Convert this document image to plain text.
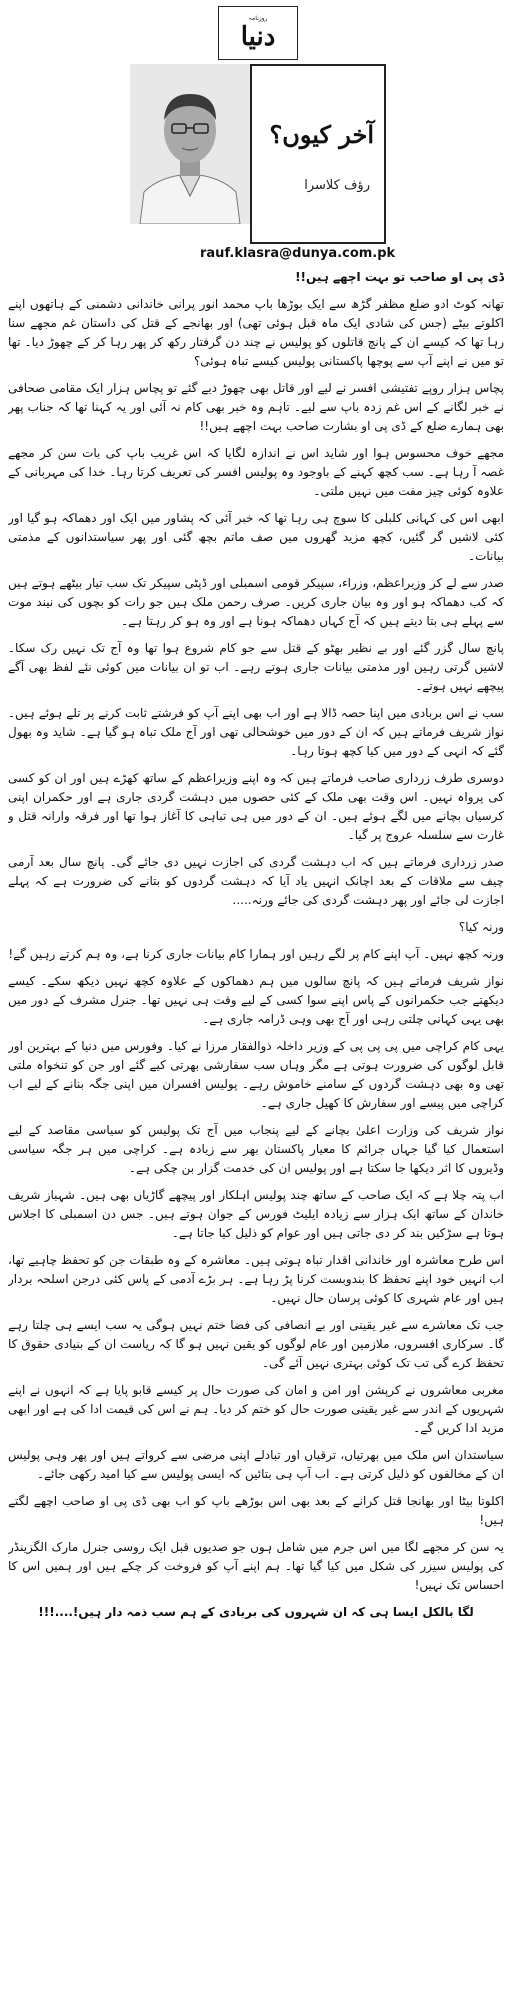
روزنامہ
دنیا
آخر کیوں؟
رؤف کلاسرا
rauf.klasra@dunya.com.pk

ڈی پی او صاحب تو بہت اچھے ہیں!!

تھانہ کوٹ ادو ضلع مظفر گڑھ سے ایک بوڑھا باپ محمد انور پرانی خاندانی دشمنی کے ہاتھوں اپنے اکلوتے بیٹے (جس کی شادی ایک ماہ قبل ہوئی تھی) اور بھانجے کے قتل کی داستان غم مجھے سنا رہا تھا کہ کیسے ان کے پانچ قاتلوں کو پولیس نے چند دن گرفتار رکھ کر پھر رہا کر کے چھوڑ دیا۔ تھا تو میں نے اپنے آپ سے پوچھا پاکستانی پولیس کیسے تباہ ہوئی؟

پچاس ہزار روپے تفتیشی افسر نے لیے اور قاتل بھی چھوڑ دیے گئے تو پچاس ہزار ایک مقامی صحافی نے خبر لگانے کے اس غم زدہ باپ سے لیے۔ تاہم وہ خبر بھی کام نہ آئی اور یہ کہنا تھا کہ جناب پھر بھی ہمارے ضلع کے ڈی پی او بشارت صاحب بہت اچھے ہیں!!

مجھے خوف محسوس ہوا اور شاید اس نے اندازہ لگایا کہ اس غریب باپ کی بات سن کر مجھے غصہ آ رہا ہے۔ سب کچھ کہنے کے باوجود وہ پولیس افسر کی تعریف کرتا رہا۔ خدا کی مہربانی کے علاوہ کوئی چیز مفت میں نہیں ملتی۔

ابھی اس کی کہانی کلبلی کا سوچ ہی رہا تھا کہ خبر آئی کہ پشاور میں ایک اور دھماکہ ہو گیا اور کئی لاشیں گر گئیں، کچھ مزید گھروں میں صف ماتم بچھ گئی اور پھر سیاستدانوں کے مذمتی بیانات۔

صدر سے لے کر وزیراعظم، وزراء، سپیکر قومی اسمبلی اور ڈپٹی سپیکر تک سب تیار بیٹھے ہوتے ہیں کہ کب دھماکہ ہو اور وہ بیان جاری کریں۔ صرف رحمن ملک ہیں جو رات کو بچوں کی نیند موت سے پہلے ہی بتا دیتے ہیں کہ آج کہاں دھماکہ ہونا ہے اور وہ ہو کر رہتا ہے۔

پانچ سال گزر گئے اور بے نظیر بھٹو کے قتل سے جو کام شروع ہوا تھا وہ آج تک نہیں رک سکا۔ لاشیں گرتی رہیں اور مذمتی بیانات جاری ہوتے رہے۔ اب تو ان بیانات میں کوئی نئے لفظ بھی آگے پیچھے نہیں ہوتے۔

سب نے اس بربادی میں اپنا حصہ ڈالا ہے اور اب بھی اپنے آپ کو فرشتے ثابت کرنے پر تلے ہوئے ہیں۔ نواز شریف فرماتے ہیں کہ ان کے دور میں خوشحالی تھی اور آج ملک تباہ ہو گیا ہے۔ شاید وہ بھول گئے کہ انہی کے دور میں کیا کچھ ہوتا رہا۔

دوسری طرف زرداری صاحب فرماتے ہیں کہ وہ اپنے وزیراعظم کے ساتھ کھڑے ہیں اور ان کو کسی کی پرواہ نہیں۔ اس وقت بھی ملک کے کئی حصوں میں دہشت گردی جاری ہے اور حکمران اپنی کرسیاں بچانے میں لگے ہوئے ہیں۔ ان کے دور میں ہی تباہی کا آغاز ہوا تھا اور فرقہ وارانہ قتل و غارت سے سلسلہ عروج پر گیا۔

صدر زرداری فرماتے ہیں کہ اب دہشت گردی کی اجازت نہیں دی جائے گی۔ پانچ سال بعد آرمی چیف سے ملاقات کے بعد اچانک انہیں یاد آیا کہ دہشت گردوں کو بتانے کی ضرورت ہے کہ پہلے اجازت لی جائے اور پھر دہشت گردی کی جائے ورنہ.....

ورنہ کیا؟

ورنہ کچھ نہیں۔ آپ اپنے کام پر لگے رہیں اور ہمارا کام بیانات جاری کرنا ہے، وہ ہم کرتے رہیں گے!

نواز شریف فرماتے ہیں کہ پانچ سالوں میں ہم دھماکوں کے علاوہ کچھ نہیں دیکھ سکے۔ کیسے دیکھتے جب حکمرانوں کے پاس اپنے سوا کسی کے لیے وقت ہی نہیں تھا۔ جنرل مشرف کے دور میں بھی یہی کہانی چلتی رہی اور آج بھی وہی ڈرامہ جاری ہے۔

یہی کام کراچی میں پی پی پی کے وزیر داخلہ ذوالفقار مرزا نے کیا۔ وفورس میں دنیا کے بہترین اور قابل لوگوں کی ضرورت ہوتی ہے مگر وہاں سب سفارشی بھرتی کیے گئے اور جن کو تنخواہ ملتی تھی وہ بھی دہشت گردوں کے سامنے خاموش رہے۔ پولیس افسران میں اپنی جگہ بنانے کے لیے اب کراچی میں پیسے اور سفارش کا کھیل جاری ہے۔

نواز شریف کی وزارت اعلیٰ بچانے کے لیے پنجاب میں آج تک پولیس کو سیاسی مقاصد کے لیے استعمال کیا گیا جہاں جرائم کا معیار پاکستان بھر سے زیادہ ہے۔ کراچی میں ہر جگہ سیاسی وڈیروں کا اثر دیکھا جا سکتا ہے اور پولیس ان کی خدمت گزار بن چکی ہے۔

اب پتہ چلا ہے کہ ایک صاحب کے ساتھ چند پولیس اہلکار اور پیچھے گاڑیاں بھی ہیں۔ شہباز شریف خاندان کے ساتھ ایک ہزار سے زیادہ ایلیٹ فورس کے جوان ہوتے ہیں۔ جس دن اسمبلی کا اجلاس ہوتا ہے سڑکیں بند کر دی جاتی ہیں اور عوام کو ذلیل کیا جاتا ہے۔

اس طرح معاشرہ اور خاندانی اقدار تباہ ہوتی ہیں۔ معاشرہ کے وہ طبقات جن کو تحفظ چاہیے تھا، اب انہیں خود اپنے تحفظ کا بندوبست کرنا پڑ رہا ہے۔ ہر بڑے آدمی کے پاس کئی درجن اسلحہ بردار ہیں اور عام شہری کا کوئی پرسان حال نہیں۔

جب تک معاشرے سے غیر یقینی اور بے انصافی کی فضا ختم نہیں ہوگی یہ سب ایسے ہی چلتا رہے گا۔ سرکاری افسروں، ملازمین اور عام لوگوں کو یقین نہیں ہو گا کہ ریاست ان کے بنیادی حقوق کا تحفظ کرے گی تب تک کوئی بہتری نہیں آئے گی۔

مغربی معاشروں نے کرپشن اور امن و امان کی صورت حال پر کیسے قابو پایا ہے کہ انہوں نے اپنے شہریوں کے اندر سے غیر یقینی صورت حال کو ختم کر دیا۔ ہم نے اس کی قیمت ادا کی ہے اور ابھی مزید ادا کریں گے۔

سیاستدان اس ملک میں بھرتیاں، ترقیاں اور تبادلے اپنی مرضی سے کرواتے ہیں اور پھر وہی پولیس ان کے مخالفوں کو ذلیل کرتی ہے۔ اب آپ ہی بتائیں کہ ایسی پولیس سے کیا امید رکھی جائے۔

اکلوتا بیٹا اور بھانجا قتل کرانے کے بعد بھی اس بوڑھے باپ کو اب بھی ڈی پی او صاحب اچھے لگتے ہیں!

یہ سن کر مجھے لگا میں اس جرم میں شامل ہوں جو صدیوں قبل ایک روسی جنرل مارک الگزینڈر کی پولیس سیزر کی شکل میں کیا گیا تھا۔ ہم اپنے آپ کو فروخت کر چکے ہیں اور ہمیں اس کا احساس تک نہیں!

لگا بالکل ایسا ہی کہ ان شہروں کی بربادی کے ہم سب ذمہ دار ہیں!....!!!
